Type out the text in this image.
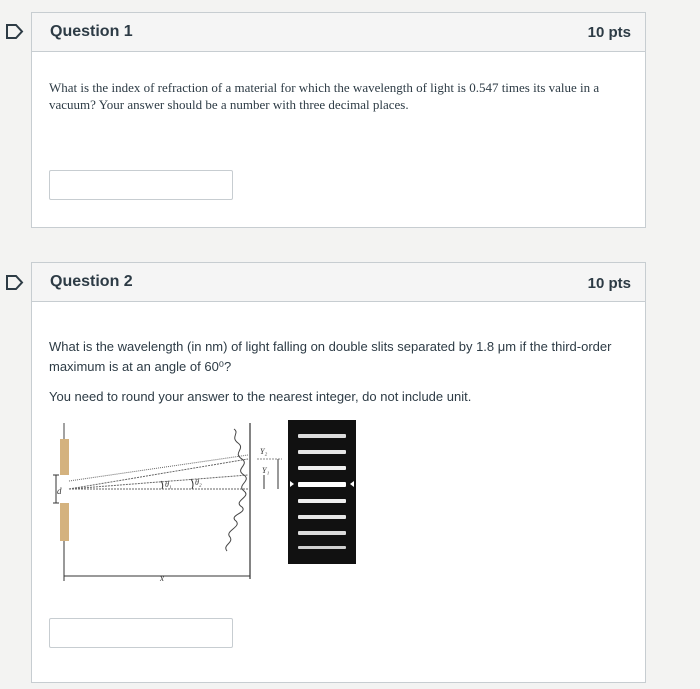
Question 1	10 pts
What is the index of refraction of a material for which the wavelength of light is 0.547 times its value in a vacuum? Your answer should be a number with three decimal places.
Question 2	10 pts
What is the wavelength (in nm) of light falling on double slits separated by 1.8 μm if the third-order maximum is at an angle of 60⁰?
You need to round your answer to the nearest integer, do not include unit.
d
θ₁	θ₂
Y₂
Y₁
x
